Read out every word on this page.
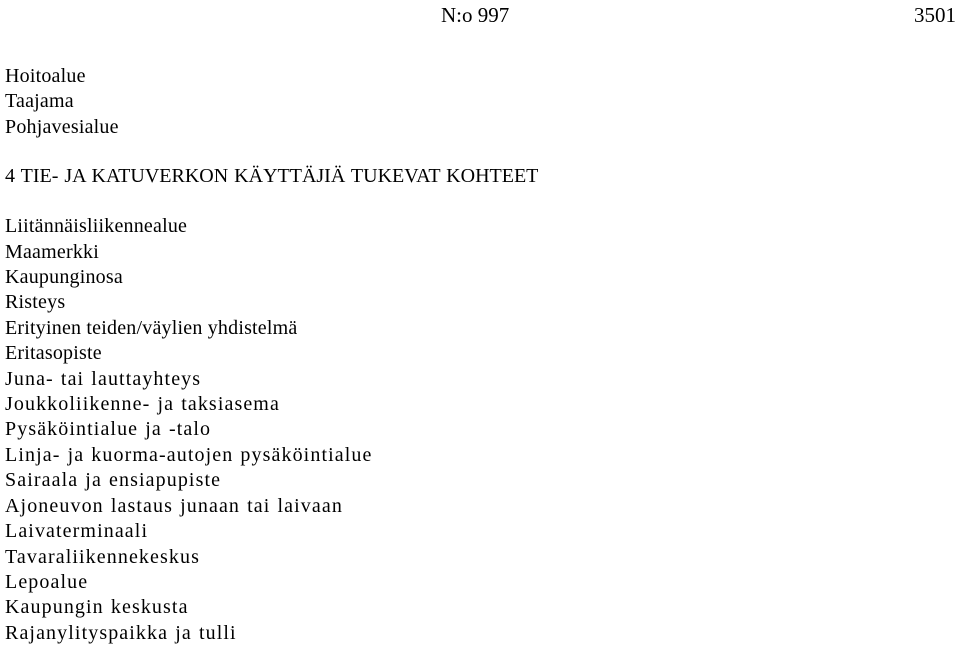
N:o 997	3501
Hoitoalue
Taajama
Pohjavesialue
4 TIE- JA KATUVERKON KÄYTTÄJIÄ TUKEVAT KOHTEET
Liitännäisliikennealue
Maamerkki
Kaupunginosa
Risteys
Erityinen teiden/väylien yhdistelmä
Eritasopiste
Juna- tai lauttayhteys
Joukkoliikenne- ja taksiasema
Pysäköintialue ja -talo
Linja- ja kuorma-autojen pysäköintialue
Sairaala ja ensiapupiste
Ajoneuvon lastaus junaan tai laivaan
Laivaterminaali
Tavaraliikennekeskus
Lepoalue
Kaupungin keskusta
Rajanylityspaikka ja tulli
